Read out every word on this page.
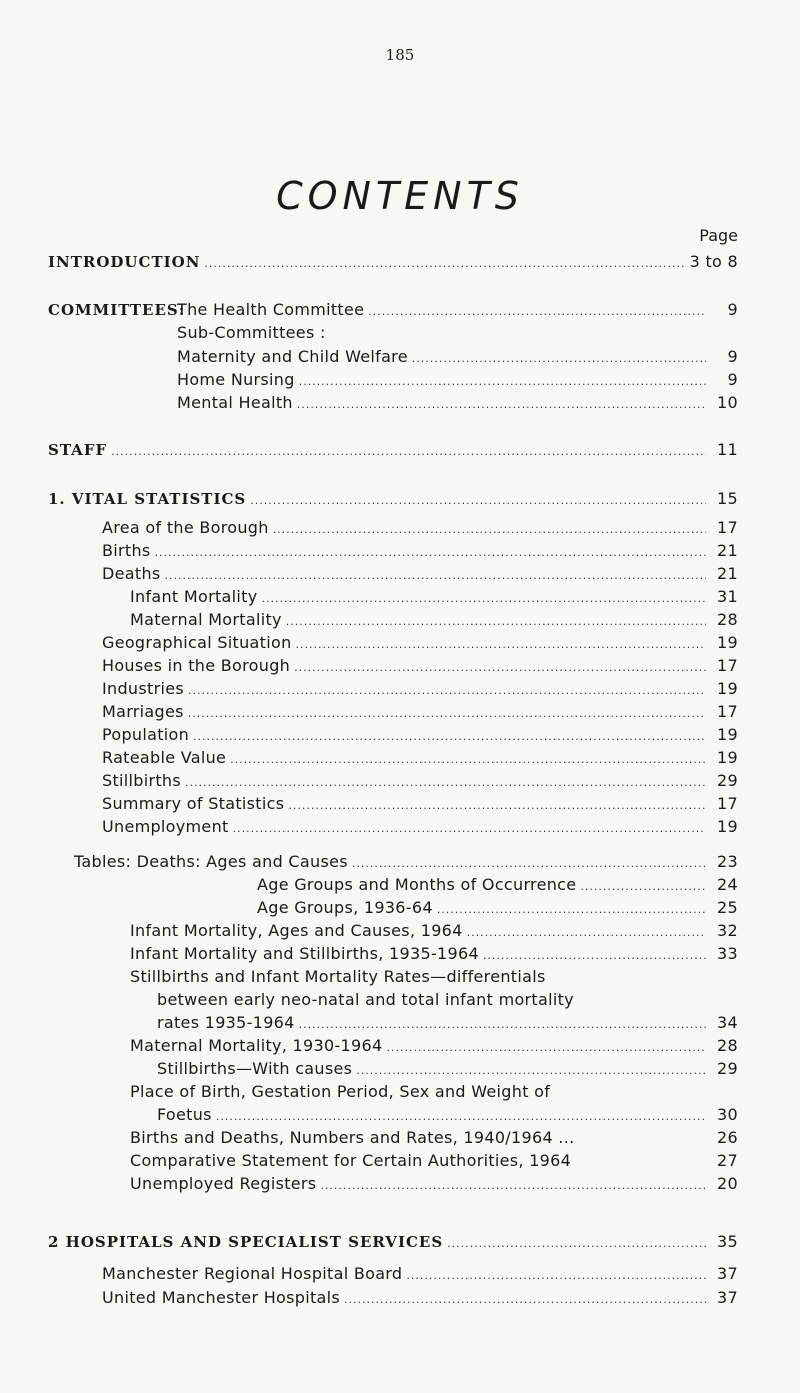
185
CONTENTS
Page
INTRODUCTION .....	3 to 8
COMMITTEES:
The Health Committee .....	9
Sub-Committees :
Maternity and Child Welfare .....	9
Home Nursing .....	9
Mental Health .....	10
STAFF .....	11
1. VITAL STATISTICS .....	15
Area of the Borough .....	17
Births .....	21
Deaths .....	21
Infant Mortality .....	31
Maternal Mortality .....	28
Geographical Situation .....	19
Houses in the Borough .....	17
Industries .....	19
Marriages .....	17
Population .....	19
Rateable Value .....	19
Stillbirths .....	29
Summary of Statistics .....	17
Unemployment .....	19
Tables: Deaths: Ages and Causes .....	23
Age Groups and Months of Occurrence .....	24
Age Groups, 1936-64 .....	25
Infant Mortality, Ages and Causes, 1964 .....	32
Infant Mortality and Stillbirths, 1935-1964 .....	33
Stillbirths and Infant Mortality Rates—differentials
between early neo-natal and total infant mortality
rates 1935-1964 .....	34
Maternal Mortality, 1930-1964 .....	28
Stillbirths—With causes .....	29
Place of Birth, Gestation Period, Sex and Weight of
Foetus .....	30
Births and Deaths, Numbers and Rates, 1940/1964 ...	26
Comparative Statement for Certain Authorities, 1964	27
Unemployed Registers .....	20
2 HOSPITALS AND SPECIALIST SERVICES .....	35
Manchester Regional Hospital Board .....	37
United Manchester Hospitals .....	37
